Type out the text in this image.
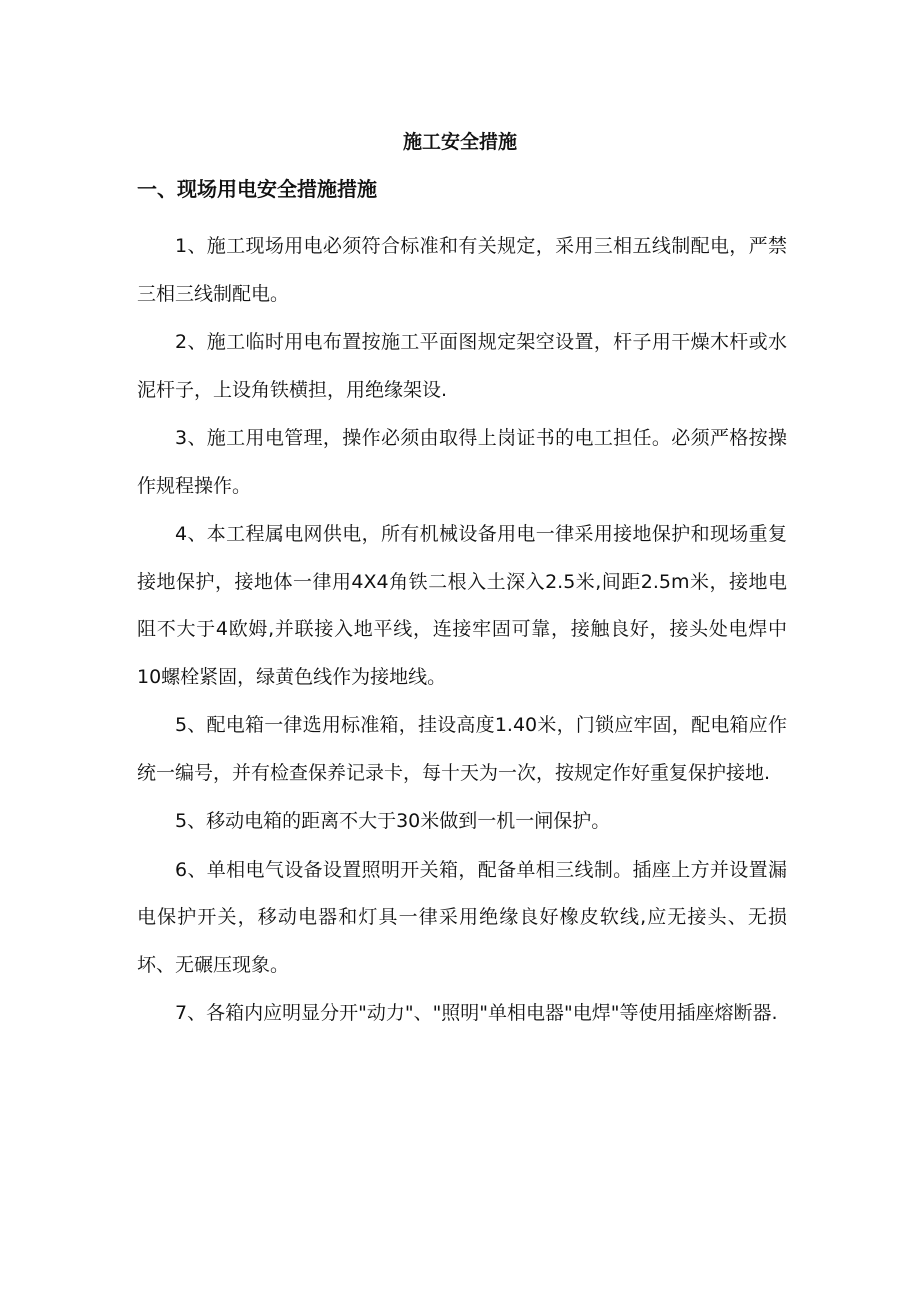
施工安全措施
一、现场用电安全措施措施

1、施工现场用电必须符合标准和有关规定，采用三相五线制配电，严禁三相三线制配电。

2、施工临时用电布置按施工平面图规定架空设置，杆子用干燥木杆或水泥杆子，上设角铁横担，用绝缘架设.

3、施工用电管理，操作必须由取得上岗证书的电工担任。必须严格按操作规程操作。

4、本工程属电网供电，所有机械设备用电一律采用接地保护和现场重复接地保护，接地体一律用4X4角铁二根入土深入2.5米,间距2.5m米，接地电阻不大于4欧姆,并联接入地平线，连接牢固可靠，接触良好，接头处电焊中10螺栓紧固，绿黄色线作为接地线。

5、配电箱一律选用标准箱，挂设高度1.40米，门锁应牢固，配电箱应作统一编号，并有检查保养记录卡，每十天为一次，按规定作好重复保护接地.

5、移动电箱的距离不大于30米做到一机一闸保护。

6、单相电气设备设置照明开关箱，配备单相三线制。插座上方并设置漏电保护开关，移动电器和灯具一律采用绝缘良好橡皮软线,应无接头、无损坏、无碾压现象。

7、各箱内应明显分开"动力"、"照明"单相电器"电焊"等使用插座熔断器.
